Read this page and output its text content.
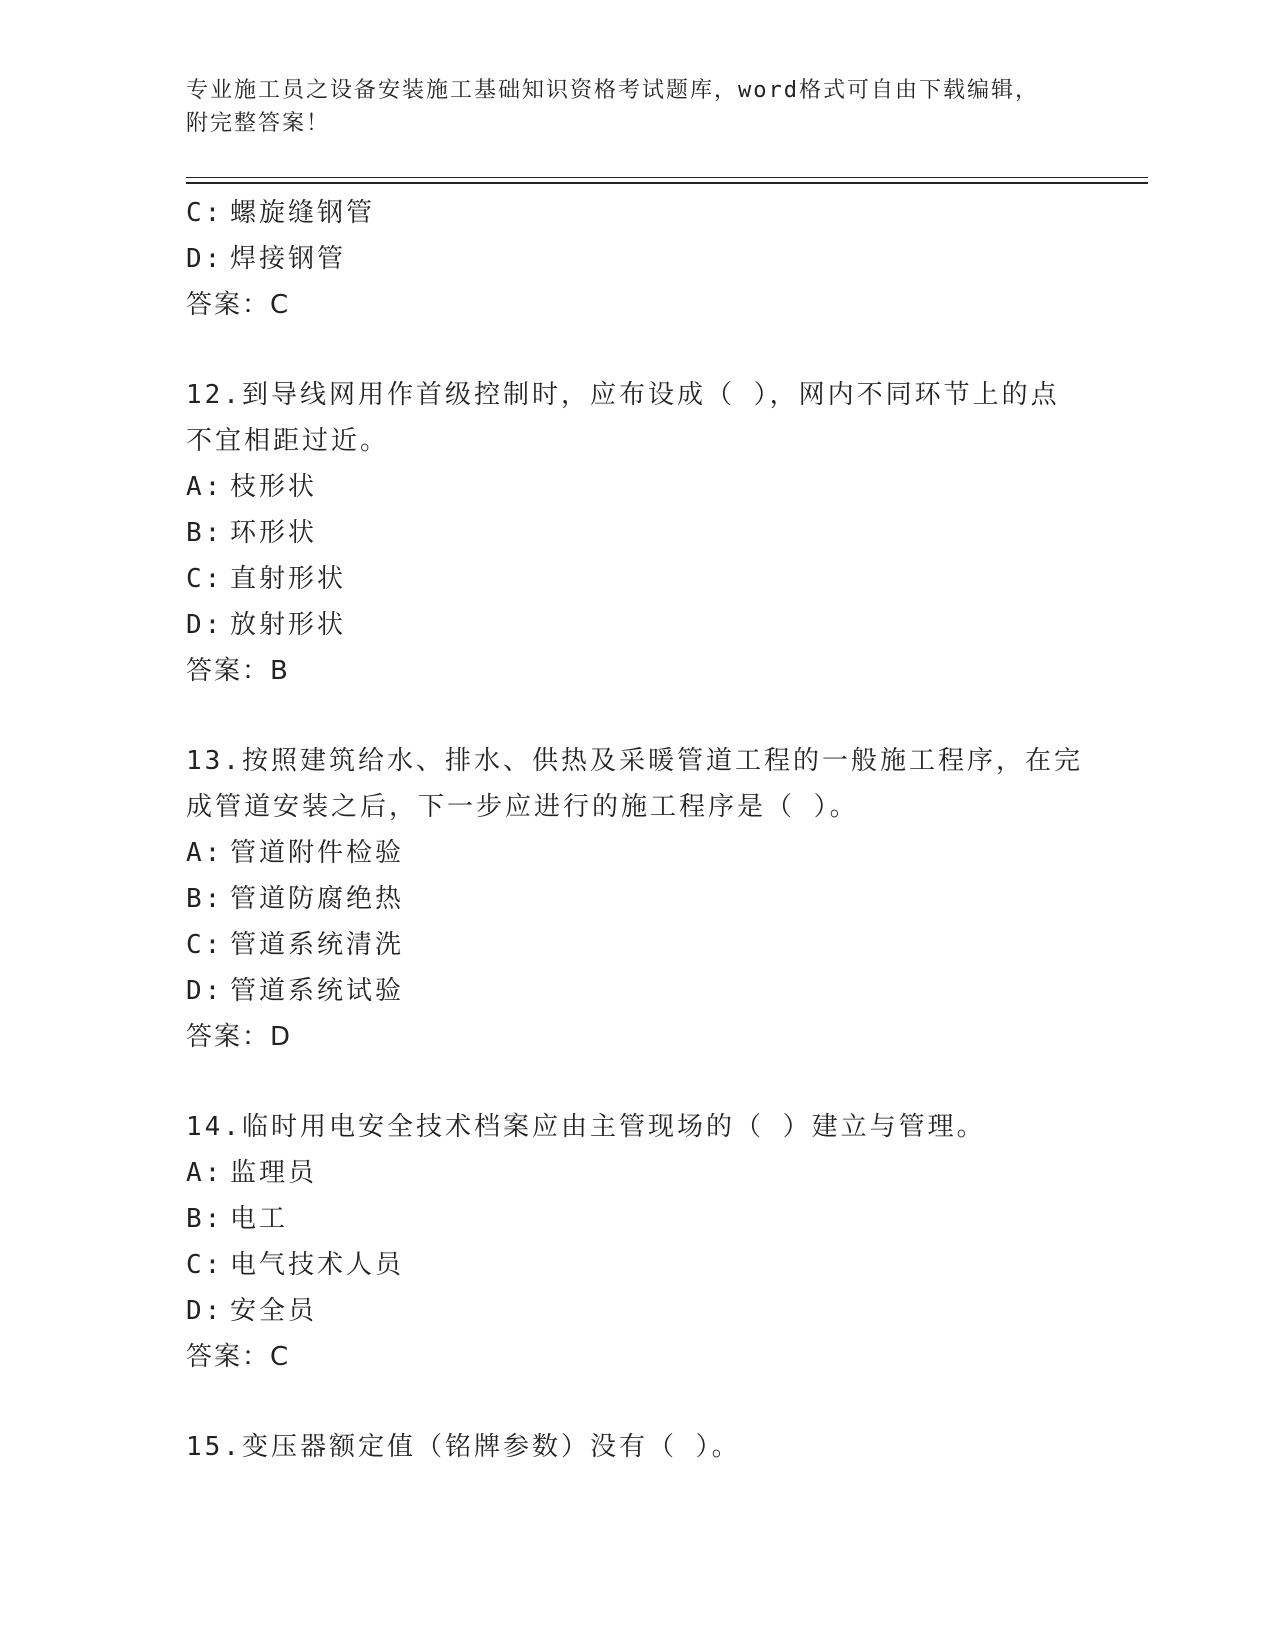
专业施工员之设备安装施工基础知识资格考试题库，word格式可自由下载编辑，
附完整答案！
C: 螺旋缝钢管
D: 焊接钢管
答案：C
12.到导线网用作首级控制时，应布设成（ ），网内不同环节上的点
不宜相距过近。
A: 枝形状
B: 环形状
C: 直射形状
D: 放射形状
答案：B
13.按照建筑给水、排水、供热及采暖管道工程的一般施工程序，在完
成管道安装之后，下一步应进行的施工程序是（ ）。
A: 管道附件检验
B: 管道防腐绝热
C: 管道系统清洗
D: 管道系统试验
答案：D
14.临时用电安全技术档案应由主管现场的（ ）建立与管理。
A: 监理员
B: 电工
C: 电气技术人员
D: 安全员
答案：C
15.变压器额定值（铭牌参数）没有（ ）。
